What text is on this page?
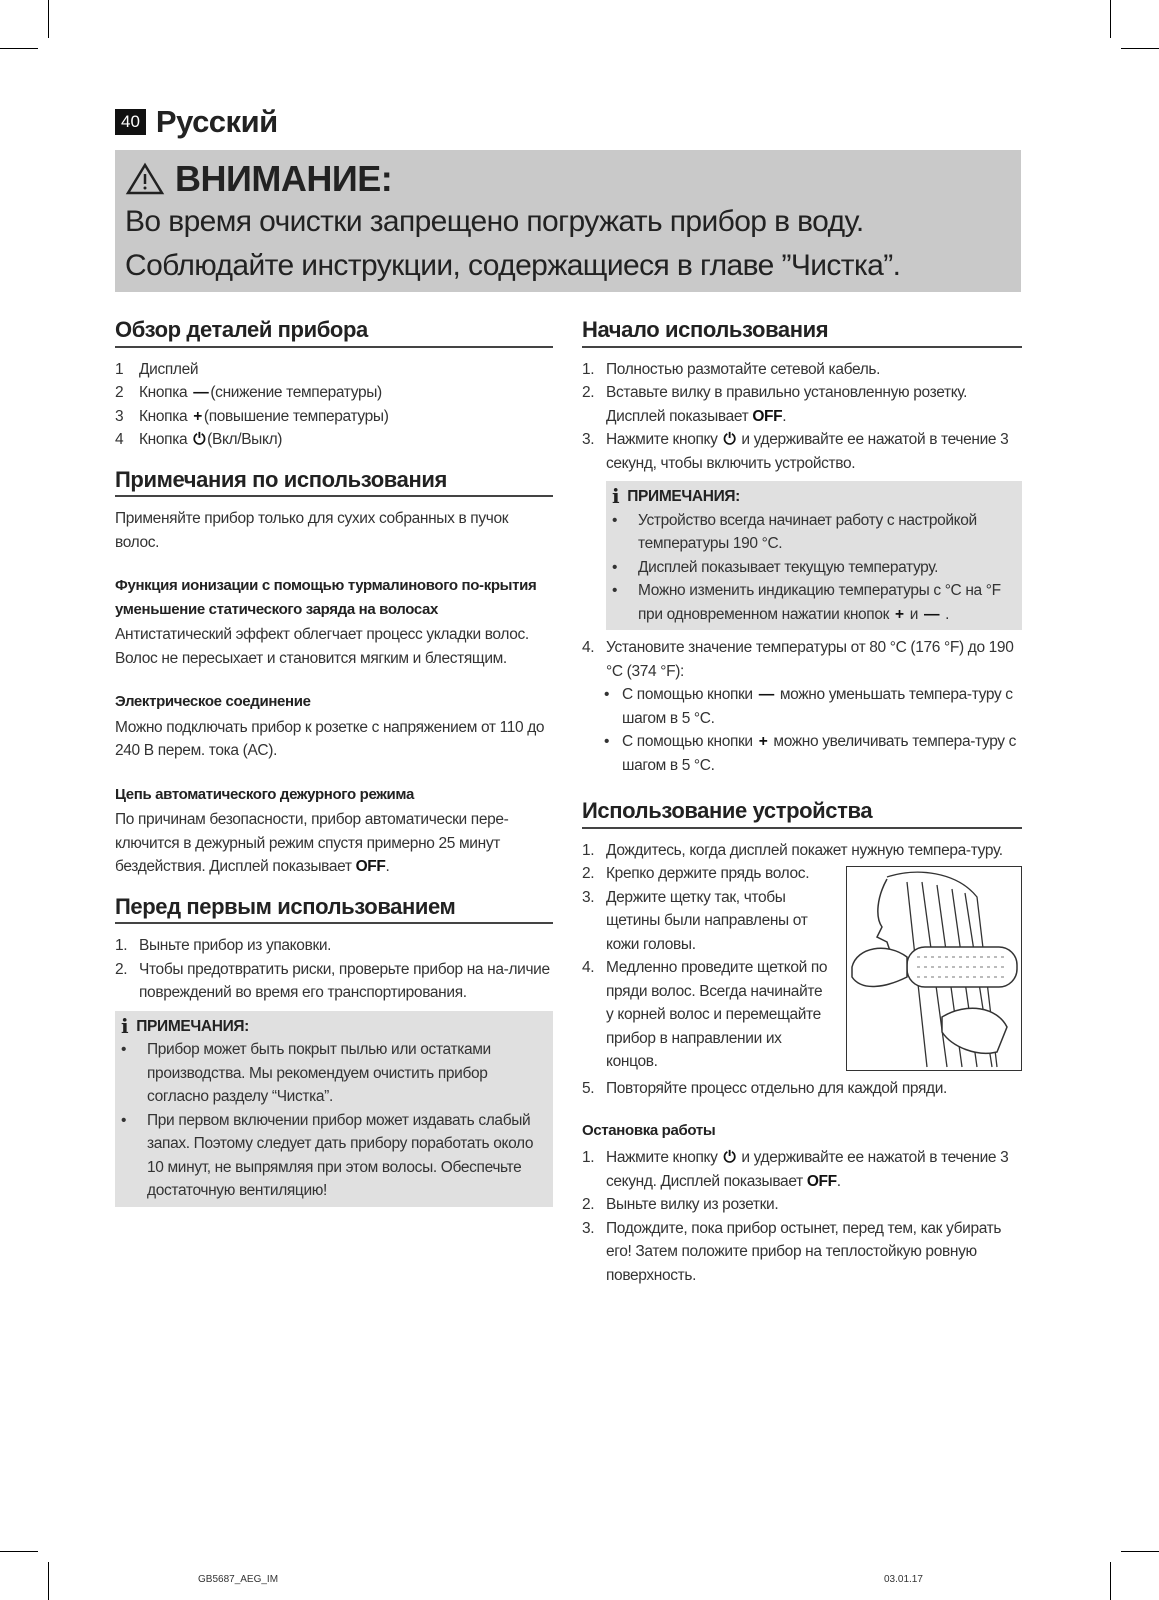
40 Русский
ВНИМАНИЕ:

Во время очистки запрещено погружать прибор в воду.

Соблюдайте инструкции, содержащиеся в главе ”Чистка”.

Обзор деталей прибора
1	Дисплей
2	Кнопка — (снижение температуры)
3	Кнопка + (повышение температуры)
4	Кнопка ⏻ (Вкл/Выкл)
Примечания по использования

Применяйте прибор только для сухих собранных в пучок волос.

Функция ионизации с помощью турмалинового по-крытия уменьшение статического заряда на волосах

Антистатический эффект облегчает процесс укладки волос. Волос не пересыхает и становится мягким и блестящим.

Электрическое соединение

Можно подключать прибор к розетке с напряжением от 110 до 240 В перем. тока (AC).

Цепь автоматического дежурного режима

По причинам безопасности, прибор автоматически пере-ключится в дежурный режим спустя примерно 25 минут бездействия. Дисплей показывает OFF.

Перед первым использованием
1. Выньте прибор из упаковки.
2. Чтобы предотвратить риски, проверьте прибор на на-личие повреждений во время его транспортирования.
i ПРИМЕЧАНИЯ:
•	Прибор может быть покрыт пылью или остатками производства. Мы рекомендуем очистить прибор согласно разделу “Чистка”.
•	При первом включении прибор может издавать слабый запах. Поэтому следует дать прибору поработать около 10 минут, не выпрямляя при этом волосы. Обеспечьте достаточную вентиляцию!
Начало использования
1. Полностью размотайте сетевой кабель.
2. Вставьте вилку в правильно установленную розетку. Дисплей показывает OFF.
3. Нажмите кнопку ⏻ и удерживайте ее нажатой в течение 3 секунд, чтобы включить устройство.
i ПРИМЕЧАНИЯ:
•	Устройство всегда начинает работу с настройкой температуры 190 °C.
•	Дисплей показывает текущую температуру.
•	Можно изменить индикацию температуры с °C на °F при одновременном нажатии кнопок + и — .
4. Установите значение температуры от 80 °C (176 °F) до 190 °C (374 °F):
• С помощью кнопки — можно уменьшать темпера-туру с шагом в 5 °C.
• С помощью кнопки + можно увеличивать темпера-туру с шагом в 5 °C.
Использование устройства
1. Дождитесь, когда дисплей покажет нужную темпера-туру.
2. Крепко держите прядь волос.
3. Держите щетку так, чтобы щетины были направлены от кожи головы.
4. Медленно проведите щеткой по пряди волос. Всегда начинайте у корней волос и перемещайте прибор в направлении их концов.
5. Повторяйте процесс отдельно для каждой пряди.
Остановка работы
1. Нажмите кнопку ⏻ и удерживайте ее нажатой в течение 3 секунд. Дисплей показывает OFF.
2. Выньте вилку из розетки.
3. Подождите, пока прибор остынет, перед тем, как убирать его! Затем положите прибор на теплостойкую ровную поверхность.
GB5687_AEG_IM	03.01.17
